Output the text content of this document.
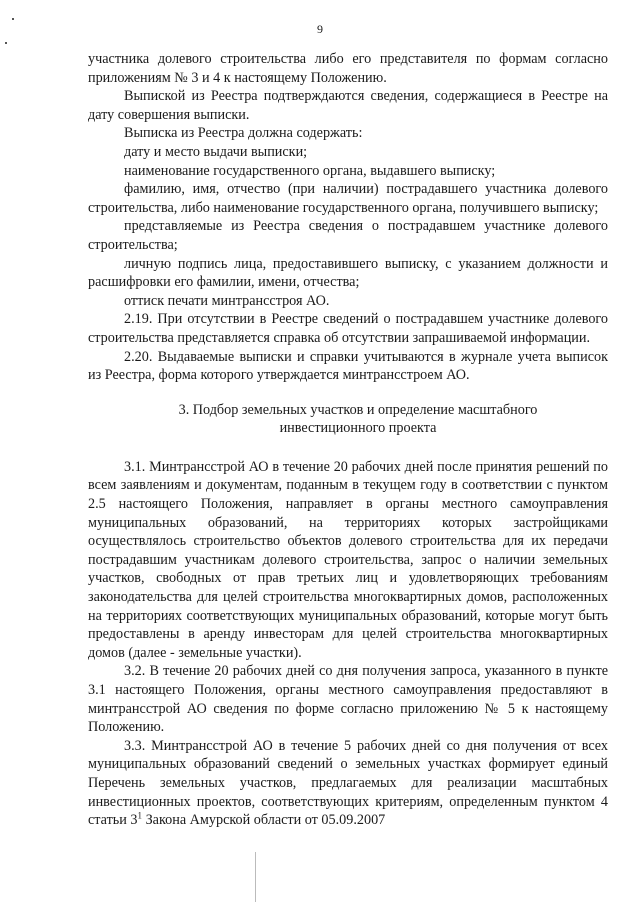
9

участника долевого строительства либо его представителя по формам согласно приложениям № 3 и 4 к настоящему Положению.

Выпиской из Реестра подтверждаются сведения, содержащиеся в Реестре на дату совершения выписки.

Выписка из Реестра должна содержать:

дату и место выдачи выписки;

наименование государственного органа, выдавшего выписку;

фамилию, имя, отчество (при наличии) пострадавшего участника долевого строительства, либо наименование государственного органа, получившего выписку;

представляемые из Реестра сведения о пострадавшем участнике долевого строительства;

личную подпись лица, предоставившего выписку, с указанием должности и расшифровки его фамилии, имени, отчества;

оттиск печати минтрансстроя АО.

2.19. При отсутствии в Реестре сведений о пострадавшем участнике долевого строительства представляется справка об отсутствии запрашиваемой информации.

2.20. Выдаваемые выписки и справки учитываются в журнале учета выписок из Реестра, форма которого утверждается минтрансстроем АО.

3. Подбор земельных участков и определение масштабного инвестиционного проекта

3.1. Минтрансстрой АО в течение 20 рабочих дней после принятия решений по всем заявлениям и документам, поданным в текущем году в соответствии с пунктом 2.5 настоящего Положения, направляет в органы местного самоуправления муниципальных образований, на территориях которых застройщиками осуществлялось строительство объектов долевого строительства для их передачи пострадавшим участникам долевого строительства, запрос о наличии земельных участков, свободных от прав третьих лиц и удовлетворяющих требованиям законодательства для целей строительства многоквартирных домов, расположенных на территориях соответствующих муниципальных образований, которые могут быть предоставлены в аренду инвесторам для целей строительства многоквартирных домов (далее - земельные участки).

3.2. В течение 20 рабочих дней со дня получения запроса, указанного в пункте 3.1 настоящего Положения, органы местного самоуправления предоставляют в минтрансстрой АО сведения по форме согласно приложению № 5 к настоящему Положению.

3.3. Минтрансстрой АО в течение 5 рабочих дней со дня получения от всех муниципальных образований сведений о земельных участках формирует единый Перечень земельных участков, предлагаемых для реализации масштабных инвестиционных проектов, соответствующих критериям, определенным пунктом 4 статьи $3^1$ Закона Амурской области от 05.09.2007
